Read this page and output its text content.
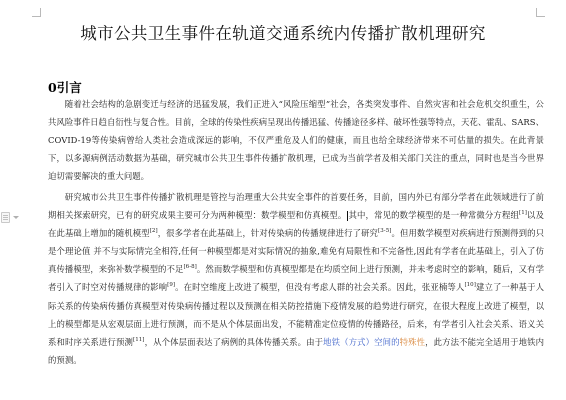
城市公共卫生事件在轨道交通系统内传播扩散机理研究
0引言
随着社会结构的急剧变迁与经济的迅猛发展，我们正进入“风险压缩型”社会，各类突发事件、自然灾害和社会危机交织重生，公共风险事件日趋自衍性与复合性。目前，全球的传染性疾病呈现出传播迅猛、传播途径多样、破坏性强等特点，天花、霍乱、SARS、COVID-19等传染病曾给人类社会造成深远的影响，不仅严重危及人们的健康，而且也给全球经济带来不可估量的损失。在此背景下，以多源病例活动数据为基础，研究城市公共卫生事件传播扩散机理，已成为当前学者及相关部门关注的重点，同时也是当今世界迫切需要解决的重大问题。
研究城市公共卫生事件传播扩散机理是管控与治理重大公共安全事件的首要任务，目前，国内外已有部分学者在此领域进行了前期相关探索研究，已有的研究成果主要可分为两种模型：数学模型和仿真模型。 其中，常见的数学模型的是一种常微分方程组[1]以及在此基础上增加的随机模型[2]，很多学者在此基础上，针对传染病的传播规律进行了研究[3-5]。但用数学模型对疾病进行预测得到的只是个理论值 并不与实际情完全相符,任何一种模型都是对实际情况的抽象,难免有局限性和不完备性,因此有学者在此基础上，引入了仿真传播模型，来弥补数学模型的不足[6-8]。然而数学模型和仿真模型都是在均质空间上进行预测，并未考虑时空的影响，随后，又有学者引入了时空对传播规律的影响[9]。在时空维度上改进了模型，但没有考虑人群的社会关系。因此，张亚楠等人[10]建立了一种基于人际关系的传染病传播仿真模型对传染病传播过程以及预测在相关防控措施下疫情发展的趋势进行研究，在很大程度上改进了模型，以上的模型都是从宏观层面上进行预测，而不是从个体层面出发，不能精准定位疫情的传播路径，后来，有学者引入社会关系、语义关系和时序关系进行预测[11]，从个体层面表达了病例的具体传播关系。由于地铁（方式）空间的特殊性，此方法不能完全适用于地铁内的预测。
